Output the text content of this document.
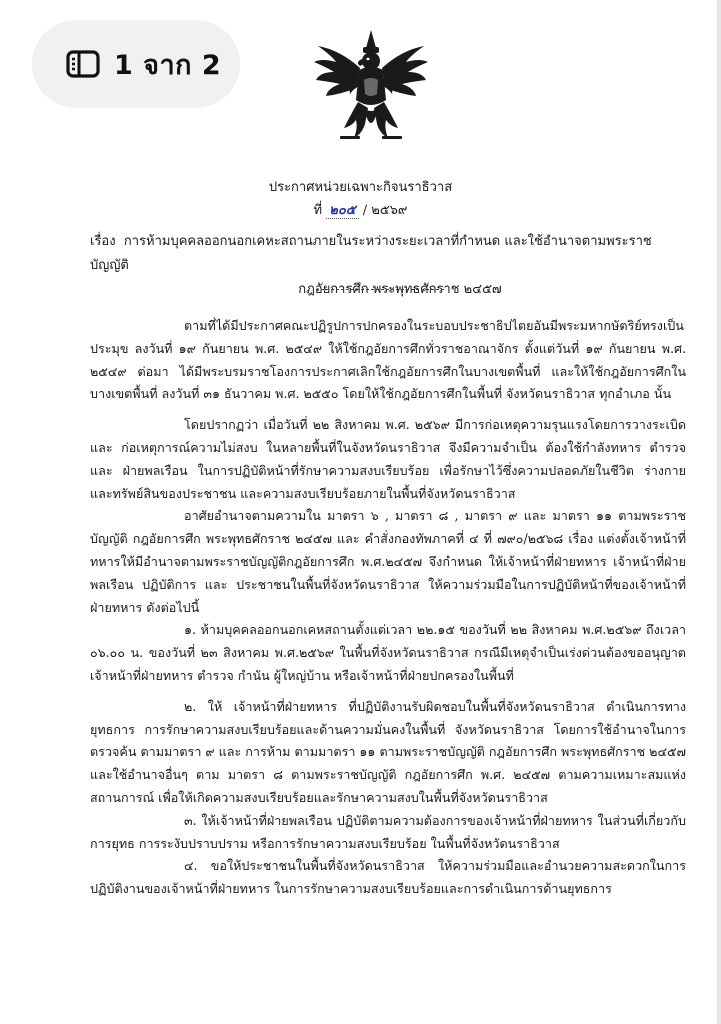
1 จาก 2
ประกาศหน่วยเฉพาะกิจนราธิวาส
ที่ ๒๐๕ / ๒๕๖๙
เรื่อง การห้ามบุคคลออกนอกเคหะสถานภายในระหว่างระยะเวลาที่กำหนด และใช้อำนาจตามพระราชบัญญัติ
กฎอัยการศึก พระพุทธศักราช ๒๔๕๗

ตามที่ได้มีประกาศคณะปฏิรูปการปกครองในระบอบประชาธิปไตยอันมีพระมหากษัตริย์ทรงเป็นประมุข ลงวันที่ ๑๙ กันยายน พ.ศ. ๒๕๔๙ ให้ใช้กฎอัยการศึกทั่วราชอาณาจักร ตั้งแต่วันที่ ๑๙ กันยายน พ.ศ. ๒๕๔๙ ต่อมา ได้มีพระบรมราชโองการประกาศเลิกใช้กฎอัยการศึกในบางเขตพื้นที่ และให้ใช้กฎอัยการศึกในบางเขตพื้นที่ ลงวันที่ ๓๑ ธันวาคม พ.ศ. ๒๕๕๐ โดยให้ใช้กฎอัยการศึกในพื้นที่ จังหวัดนราธิวาส ทุกอำเภอ นั้น

โดยปรากฏว่า เมื่อวันที่ ๒๒ สิงหาคม พ.ศ. ๒๕๖๙ มีการก่อเหตุความรุนแรงโดยการวางระเบิด และ ก่อเหตุการณ์ความไม่สงบ ในหลายพื้นที่ในจังหวัดนราธิวาส จึงมีความจำเป็น ต้องใช้กำลังทหาร ตำรวจ และ ฝ่ายพลเรือน ในการปฏิบัติหน้าที่รักษาความสงบเรียบร้อย เพื่อรักษาไว้ซึ่งความปลอดภัยในชีวิต ร่างกาย และทรัพย์สินของประชาชน และความสงบเรียบร้อยภายในพื้นที่จังหวัดนราธิวาส

อาศัยอำนาจตามความใน มาตรา ๖ , มาตรา ๘ , มาตรา ๙ และ มาตรา ๑๑ ตามพระราชบัญญัติ กฎอัยการศึก พระพุทธศักราช ๒๔๕๗ และ คำสั่งกองทัพภาคที่ ๔ ที่ ๗๙๐/๒๕๖๘ เรื่อง แต่งตั้งเจ้าหน้าที่ทหารให้มีอำนาจตามพระราชบัญญัติกฎอัยการศึก พ.ศ.๒๔๕๗ จึงกำหนด ให้เจ้าหน้าที่ฝ่ายทหาร เจ้าหน้าที่ฝ่ายพลเรือน ปฏิบัติการ และ ประชาชนในพื้นที่จังหวัดนราธิวาส ให้ความร่วมมือในการปฏิบัติหน้าที่ของเจ้าหน้าที่ฝ่ายทหาร ดังต่อไปนี้

๑. ห้ามบุคคลออกนอกเคหสถานตั้งแต่เวลา ๒๒.๑๕ ของวันที่ ๒๒ สิงหาคม พ.ศ.๒๕๖๙ ถึงเวลา ๐๖.๐๐ น. ของวันที่ ๒๓ สิงหาคม พ.ศ.๒๕๖๙ ในพื้นที่จังหวัดนราธิวาส กรณีมีเหตุจำเป็นเร่งด่วนต้องขออนุญาตเจ้าหน้าที่ฝ่ายทหาร ตำรวจ กำนัน ผู้ใหญ่บ้าน หรือเจ้าหน้าที่ฝ่ายปกครองในพื้นที่

๒. ให้ เจ้าหน้าที่ฝ่ายทหาร ที่ปฏิบัติงานรับผิดชอบในพื้นที่จังหวัดนราธิวาส ดำเนินการทางยุทธการ การรักษาความสงบเรียบร้อยและด้านความมั่นคงในพื้นที่ จังหวัดนราธิวาส โดยการใช้อำนาจในการตรวจค้น ตามมาตรา ๙ และ การห้าม ตามมาตรา ๑๑ ตามพระราชบัญญัติ กฎอัยการศึก พระพุทธศักราช ๒๔๕๗ และใช้อำนาจอื่นๆ ตาม มาตรา ๘ ตามพระราชบัญญัติ กฎอัยการศึก พ.ศ. ๒๔๕๗ ตามความเหมาะสมแห่งสถานการณ์ เพื่อให้เกิดความสงบเรียบร้อยและรักษาความสงบในพื้นที่จังหวัดนราธิวาส

๓. ให้เจ้าหน้าที่ฝ่ายพลเรือน ปฏิบัติตามความต้องการของเจ้าหน้าที่ฝ่ายทหาร ในส่วนที่เกี่ยวกับการยุทธ การระงับปราบปราม หรือการรักษาความสงบเรียบร้อย ในพื้นที่จังหวัดนราธิวาส

๔. ขอให้ประชาชนในพื้นที่จังหวัดนราธิวาส ให้ความร่วมมือและอำนวยความสะดวกในการปฏิบัติงานของเจ้าหน้าที่ฝ่ายทหาร ในการรักษาความสงบเรียบร้อยและการดำเนินการด้านยุทธการ
